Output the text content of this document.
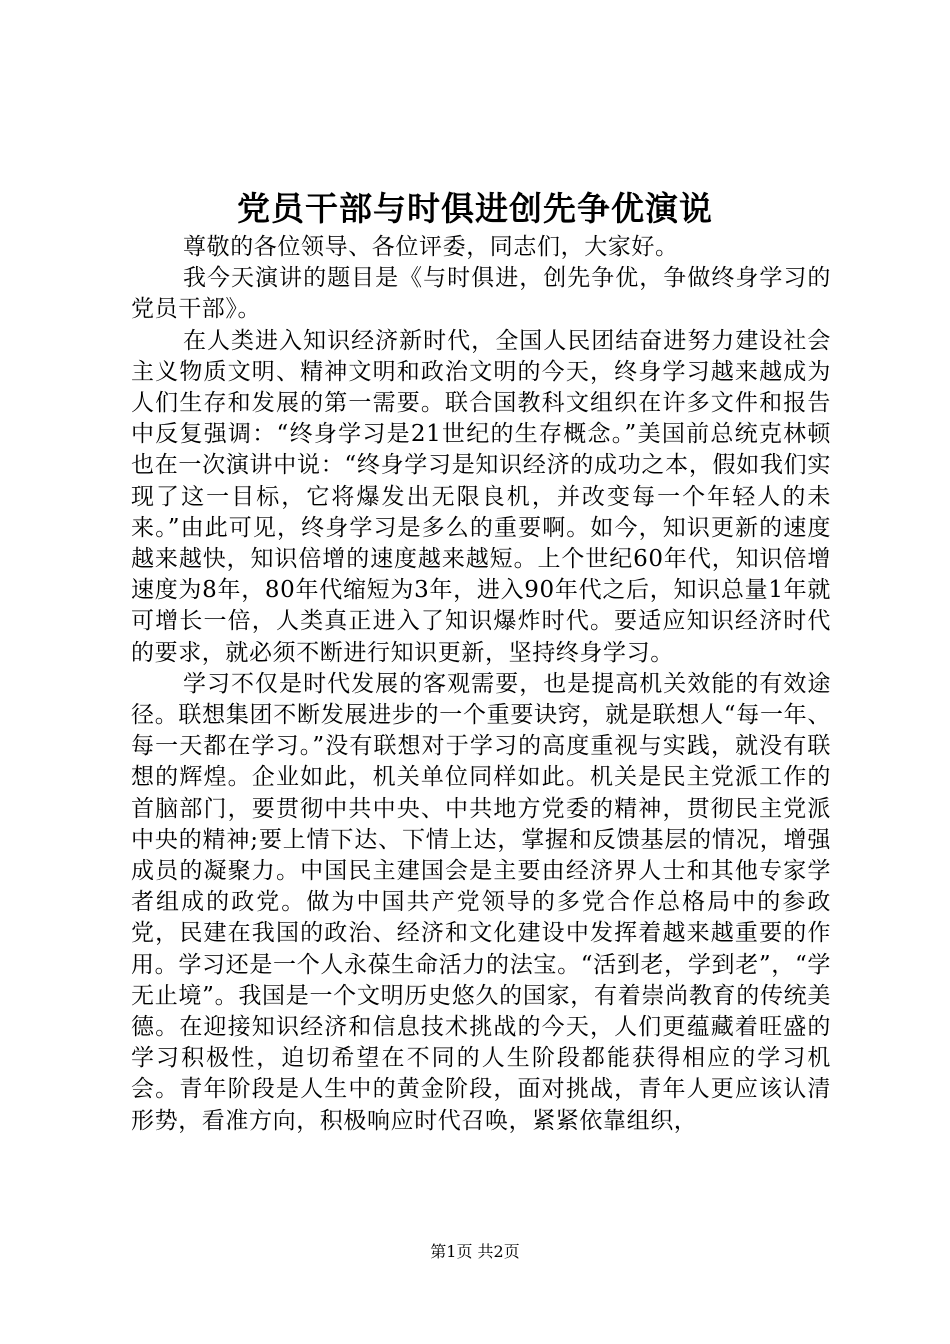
党员干部与时俱进创先争优演说

尊敬的各位领导、各位评委，同志们，大家好。

我今天演讲的题目是《与时俱进，创先争优，争做终身学习的党员干部》。

在人类进入知识经济新时代，全国人民团结奋进努力建设社会主义物质文明、精神文明和政治文明的今天，终身学习越来越成为人们生存和发展的第一需要。联合国教科文组织在许多文件和报告中反复强调：“终身学习是21世纪的生存概念。”美国前总统克林顿也在一次演讲中说：“终身学习是知识经济的成功之本，假如我们实现了这一目标，它将爆发出无限良机，并改变每一个年轻人的未来。”由此可见，终身学习是多么的重要啊。如今，知识更新的速度越来越快，知识倍增的速度越来越短。上个世纪60年代，知识倍增速度为8年，80年代缩短为3年，进入90年代之后，知识总量1年就可增长一倍，人类真正进入了知识爆炸时代。要适应知识经济时代的要求，就必须不断进行知识更新，坚持终身学习。

学习不仅是时代发展的客观需要，也是提高机关效能的有效途径。联想集团不断发展进步的一个重要诀窍，就是联想人“每一年、每一天都在学习。”没有联想对于学习的高度重视与实践，就没有联想的辉煌。企业如此，机关单位同样如此。机关是民主党派工作的首脑部门，要贯彻中共中央、中共地方党委的精神，贯彻民主党派中央的精神;要上情下达、下情上达，掌握和反馈基层的情况，增强成员的凝聚力。中国民主建国会是主要由经济界人士和其他专家学者组成的政党。做为中国共产党领导的多党合作总格局中的参政党，民建在我国的政治、经济和文化建设中发挥着越来越重要的作用。学习还是一个人永葆生命活力的法宝。“活到老，学到老”，“学无止境”。我国是一个文明历史悠久的国家，有着崇尚教育的传统美德。在迎接知识经济和信息技术挑战的今天，人们更蕴藏着旺盛的学习积极性，迫切希望在不同的人生阶段都能获得相应的学习机会。青年阶段是人生中的黄金阶段，面对挑战，青年人更应该认清形势，看准方向，积极响应时代召唤，紧紧依靠组织，

第1页 共2页
